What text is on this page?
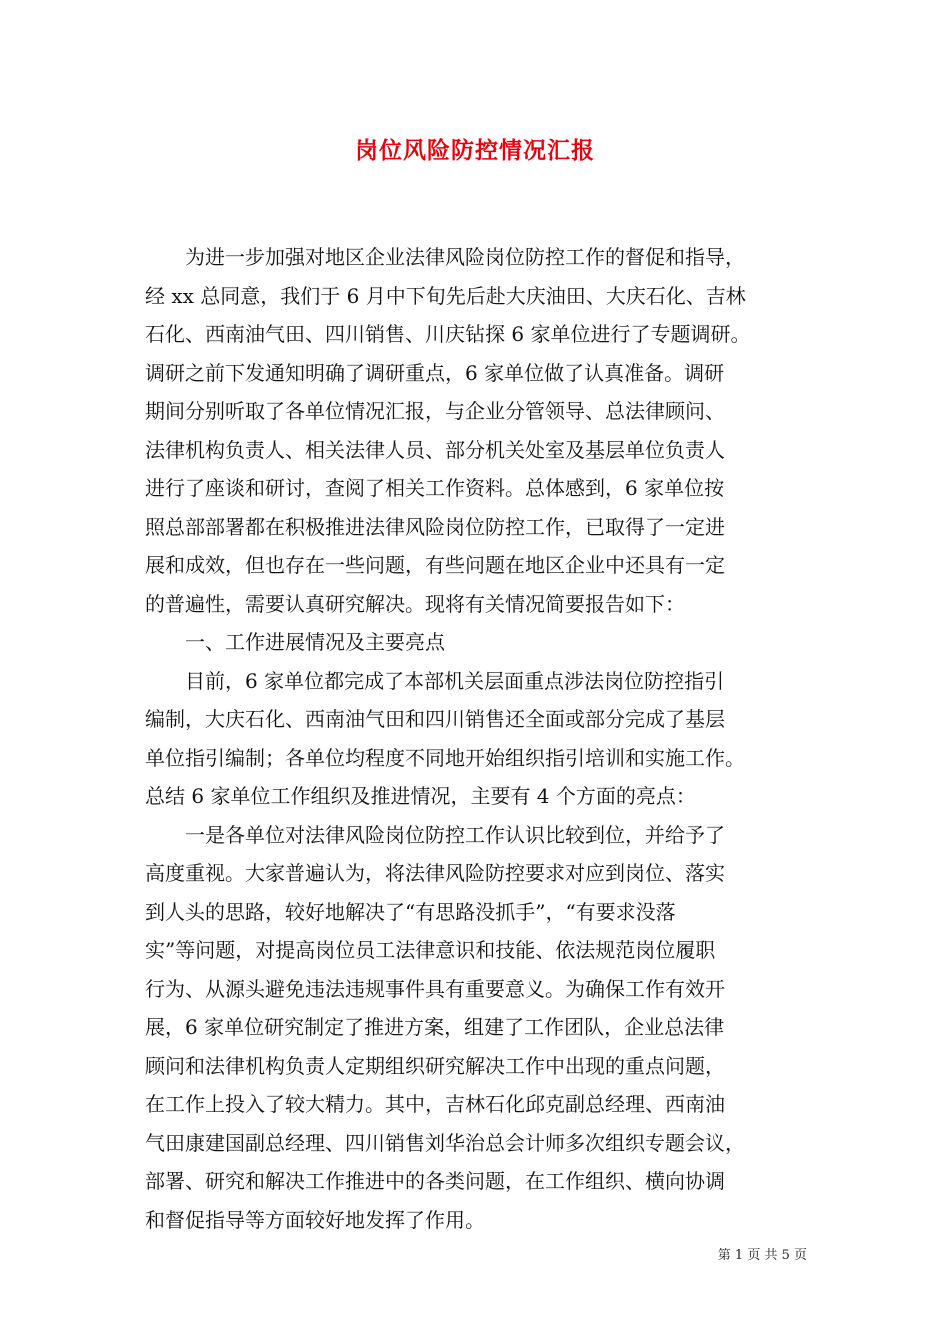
岗位风险防控情况汇报
　　为进一步加强对地区企业法律风险岗位防控工作的督促和指导，
经 xx 总同意，我们于 6 月中下旬先后赴大庆油田、大庆石化、吉林
石化、西南油气田、四川销售、川庆钻探 6 家单位进行了专题调研。
调研之前下发通知明确了调研重点，6 家单位做了认真准备。调研
期间分别听取了各单位情况汇报，与企业分管领导、总法律顾问、
法律机构负责人、相关法律人员、部分机关处室及基层单位负责人
进行了座谈和研讨，查阅了相关工作资料。总体感到，6 家单位按
照总部部署都在积极推进法律风险岗位防控工作，已取得了一定进
展和成效，但也存在一些问题，有些问题在地区企业中还具有一定
的普遍性，需要认真研究解决。现将有关情况简要报告如下：
　　一、工作进展情况及主要亮点
　　目前，6 家单位都完成了本部机关层面重点涉法岗位防控指引
编制，大庆石化、西南油气田和四川销售还全面或部分完成了基层
单位指引编制；各单位均程度不同地开始组织指引培训和实施工作。
总结 6 家单位工作组织及推进情况，主要有 4 个方面的亮点：
　　一是各单位对法律风险岗位防控工作认识比较到位，并给予了
高度重视。大家普遍认为，将法律风险防控要求对应到岗位、落实
到人头的思路，较好地解决了“有思路没抓手”，“有要求没落
实”等问题，对提高岗位员工法律意识和技能、依法规范岗位履职
行为、从源头避免违法违规事件具有重要意义。为确保工作有效开
展，6 家单位研究制定了推进方案，组建了工作团队，企业总法律
顾问和法律机构负责人定期组织研究解决工作中出现的重点问题，
在工作上投入了较大精力。其中，吉林石化邱克副总经理、西南油
气田康建国副总经理、四川销售刘华治总会计师多次组织专题会议，
部署、研究和解决工作推进中的各类问题，在工作组织、横向协调
和督促指导等方面较好地发挥了作用。
第 1 页 共 5 页
